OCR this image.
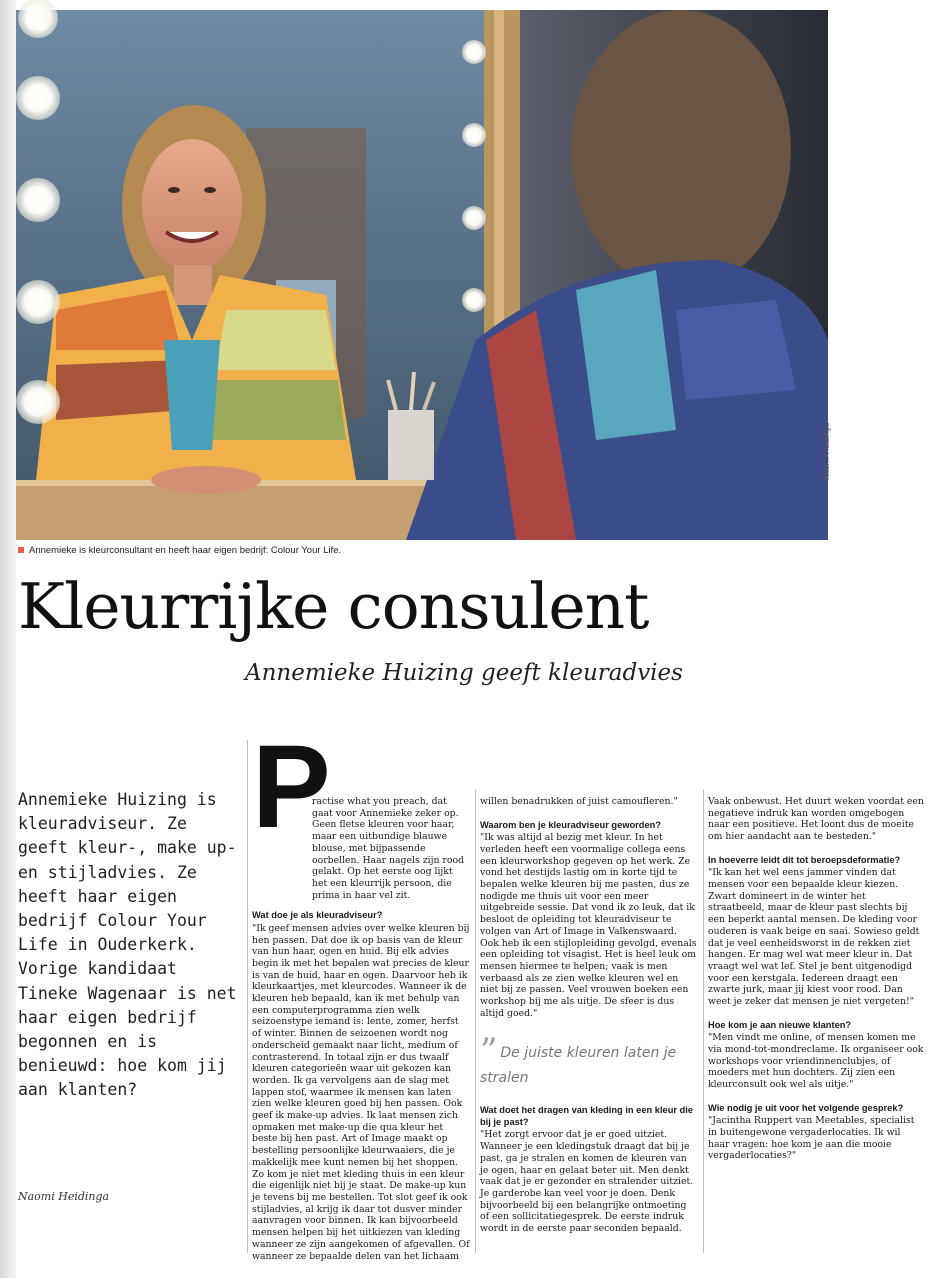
Naomi Heidinga
Annemieke is kleurconsultant en heeft haar eigen bedrijf: Colour Your Life.
Kleurrijke consulent
Annemieke Huizing geeft kleuradvies
Annemieke Huizing is kleuradviseur. Ze geeft kleur-, make up- en stijladvies. Ze heeft haar eigen bedrijf Colour Your Life in Ouderkerk. Vorige kandidaat Tineke Wagenaar is net haar eigen bedrijf begonnen en is benieuwd: hoe kom jij aan klanten?
Naomi Heidinga
P

ractise what you preach, dat gaat voor Annemieke zeker op. Geen fletse kleuren voor haar, maar een uitbundige blauwe blouse, met bijpassende oorbellen. Haar nagels zijn rood gelakt. Op het eerste oog lijkt het een kleurrijk persoon, die prima in haar vel zit.

Wat doe je als kleuradviseur?

"Ik geef mensen advies over welke kleuren bij hen passen. Dat doe ik op basis van de kleur van hun haar, ogen en huid. Bij elk advies begin ik met het bepalen wat precies de kleur is van de huid, haar en ogen. Daarvoor heb ik kleurkaartjes, met kleurcodes. Wanneer ik de kleuren heb bepaald, kan ik met behulp van een computerprogramma zien welk seizoenstype iemand is: lente, zomer, herfst of winter. Binnen de seizoenen wordt nog onderscheid gemaakt naar licht, medium of contrasterend. In totaal zijn er dus twaalf kleuren categorieën waar uit gekozen kan worden. Ik ga vervolgens aan de slag met lappen stof, waarmee ik mensen kan laten zien welke kleuren goed bij hen passen. Ook geef ik make-up advies. Ik laat mensen zich opmaken met make-up die qua kleur het beste bij hen past. Art of Image maakt op bestelling persoonlijke kleurwaaiers, die je makkelijk mee kunt nemen bij het shoppen. Zo kom je niet met kleding thuis in een kleur die eigenlijk niet bij je staat. De make-up kun je tevens bij me bestellen. Tot slot geef ik ook stijladvies, al krijg ik daar tot dusver minder aanvragen voor binnen. Ik kan bijvoorbeeld mensen helpen bij het uitkiezen van kleding wanneer ze zijn aangekomen of afgevallen. Of wanneer ze bepaalde delen van het lichaam

willen benadrukken of juist camoufleren."

Waarom ben je kleuradviseur geworden?

"Ik was altijd al bezig met kleur. In het verleden heeft een voormalige collega eens een kleurworkshop gegeven op het werk. Ze vond het destijds lastig om in korte tijd te bepalen welke kleuren bij me pasten, dus ze nodigde me thuis uit voor een meer uitgebreide sessie. Dat vond ik zo leuk, dat ik besloot de opleiding tot kleuradviseur te volgen van Art of Image in Valkenswaard. Ook heb ik een stijlopleiding gevolgd, evenals een opleiding tot visagist. Het is heel leuk om mensen hiermee te helpen; vaak is men verbaasd als ze zien welke kleuren wel en niet bij ze passen. Veel vrouwen boeken een workshop bij me als uitje. De sfeer is dus altijd goed."

” De juiste kleuren laten je stralen
Wat doet het dragen van kleding in een kleur die bij je past?

"Het zorgt ervoor dat je er goed uitziet. Wanneer je een kledingstuk draagt dat bij je past, ga je stralen en komen de kleuren van je ogen, haar en gelaat beter uit. Men denkt vaak dat je er gezonder en stralender uitziet. Je garderobe kan veel voor je doen. Denk bijvoorbeeld bij een belangrijke ontmoeting of een sollicitatiegesprek. De eerste indruk wordt in de eerste paar seconden bepaald.

Vaak onbewust. Het duurt weken voordat een negatieve indruk kan worden omgebogen naar een positieve. Het loont dus de moeite om hier aandacht aan te besteden."

In hoeverre leidt dit tot beroepsdeformatie?

"Ik kan het wel eens jammer vinden dat mensen voor een bepaalde kleur kiezen. Zwart domineert in de winter het straatbeeld, maar de kleur past slechts bij een beperkt aantal mensen. De kleding voor ouderen is vaak beige en saai. Sowieso geldt dat je veel eenheidsworst in de rekken ziet hangen. Er mag wel wat meer kleur in. Dat vraagt wel wat lef. Stel je bent uitgenodigd voor een kerstgala. Iedereen draagt een zwarte jurk, maar jij kiest voor rood. Dan weet je zeker dat mensen je niet vergeten!"

Hoe kom je aan nieuwe klanten?

"Men vindt me online, of mensen komen me via mond-tot-mondreclame. Ik organiseer ook workshops voor vriendinnenclubjes, of moeders met hun dochters. Zij zien een kleurconsult ook wel als uitje."

Wie nodig je uit voor het volgende gesprek?

"Jacintha Ruppert van Meetables, specialist in buitengewone vergaderlocaties. Ik wil haar vragen: hoe kom je aan die mooie vergaderlocaties?"
